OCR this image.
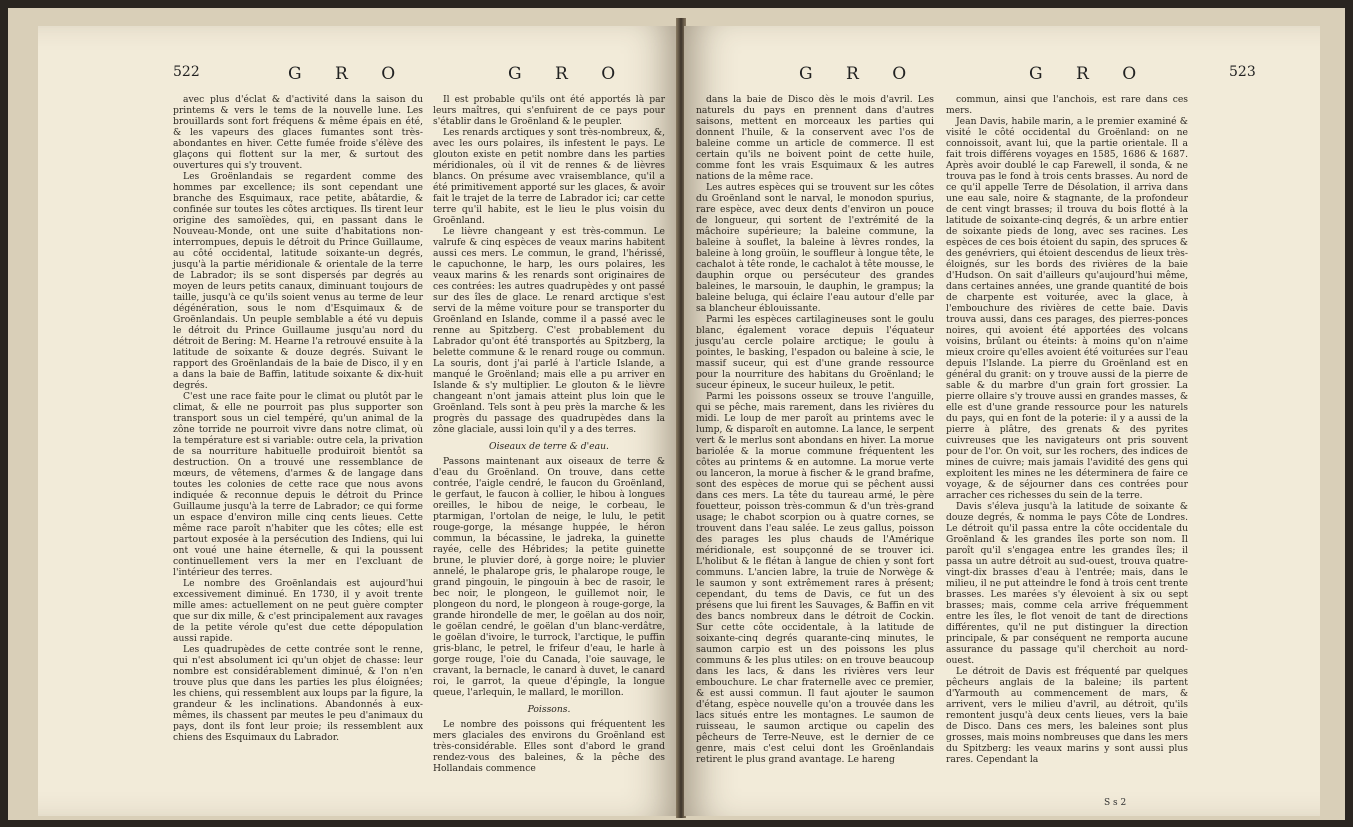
522	G R O	G R O

avec plus d'éclat & d'activité dans la saison du printems & vers le tems de la nouvelle lune. Les brouillards sont fort fréquens & même épais en été, & les vapeurs des glaces fumantes sont très-abondantes en hiver. Cette fumée froide s'élève des glaçons qui flottent sur la mer, & surtout des ouvertures qui s'y trouvent.

Les Groënlandais se regardent comme des hommes par excellence; ils sont cependant une branche des Esquimaux, race petite, abâtardie, & confinée sur toutes les côtes arctiques. Ils tirent leur origine des samoïèdes, qui, en passant dans le Nouveau-Monde, ont une suite d'habitations non-interrompues, depuis le détroit du Prince Guillaume, au côté occidental, latitude soixante-un degrés, jusqu'à la partie méridionale & orientale de la terre de Labrador; ils se sont dispersés par degrés au moyen de leurs petits canaux, diminuant toujours de taille, jusqu'à ce qu'ils soient venus au terme de leur dégénération, sous le nom d'Esquimaux & de Groënlandais. Un peuple semblable a été vu depuis le détroit du Prince Guillaume jusqu'au nord du détroit de Bering: M. Hearne l'a retrouvé ensuite à la latitude de soixante & douze degrés. Suivant le rapport des Groënlandais de la baie de Disco, il y en a dans la baie de Baffin, latitude soixante & dix-huit degrés.

C'est une race faite pour le climat ou plutôt par le climat, & elle ne pourroit pas plus supporter son transport sous un ciel tempéré, qu'un animal de la zône torride ne pourroit vivre dans notre climat, où la température est si variable: outre cela, la privation de sa nourriture habituelle produiroit bientôt sa destruction. On a trouvé une ressemblance de mœurs, de vêtemens, d'armes & de langage dans toutes les colonies de cette race que nous avons indiquée & reconnue depuis le détroit du Prince Guillaume jusqu'à la terre de Labrador; ce qui forme un espace d'environ mille cinq cents lieues. Cette même race paroît n'habiter que les côtes; elle est partout exposée à la persécution des Indiens, qui lui ont voué une haine éternelle, & qui la poussent continuellement vers la mer en l'excluant de l'intérieur des terres.

Le nombre des Groënlandais est aujourd'hui excessivement diminué. En 1730, il y avoit trente mille ames: actuellement on ne peut guère compter que sur dix mille, & c'est principalement aux ravages de la petite vérole qu'est due cette dépopulation aussi rapide.

Les quadrupèdes de cette contrée sont le renne, qui n'est absolument ici qu'un objet de chasse: leur nombre est considérablement diminué, & l'on n'en trouve plus que dans les parties les plus éloignées; les chiens, qui ressemblent aux loups par la figure, la grandeur & les inclinations. Abandonnés à eux-mêmes, ils chassent par meutes le peu d'animaux du pays, dont ils font leur proie; ils ressemblent aux chiens des Esquimaux du Labrador.

Il est probable qu'ils ont été apportés là par leurs maîtres, qui s'enfuirent de ce pays pour s'établir dans le Groënland & le peupler.

Les renards arctiques y sont très-nombreux, &, avec les ours polaires, ils infestent le pays. Le glouton existe en petit nombre dans les parties méridionales, où il vit de rennes & de lièvres blancs. On présume avec vraisemblance, qu'il a été primitivement apporté sur les glaces, & avoir fait le trajet de la terre de Labrador ici; car cette terre qu'il habite, est le lieu le plus voisin du Groënland.

Le lièvre changeant y est très-commun. Le valrufe & cinq espèces de veaux marins habitent aussi ces mers. Le commun, le grand, l'hérissé, le capuchonne, le harp, les ours polaires, les veaux marins & les renards sont originaires de ces contrées: les autres quadrupèdes y ont passé sur des îles de glace. Le renard arctique s'est servi de la même voiture pour se transporter du Groënland en Islande, comme il a passé avec le renne au Spitzberg. C'est probablement du Labrador qu'ont été transportés au Spitzberg, la belette commune & le renard rouge ou commun. La souris, dont j'ai parlé à l'article Islande, a manqué le Groënland; mais elle a pu arriver en Islande & s'y multiplier. Le glouton & le lièvre changeant n'ont jamais atteint plus loin que le Groënland. Tels sont à peu près la marche & les progrès du passage des quadrupèdes dans la zône glaciale, aussi loin qu'il y a des terres.

Oiseaux de terre & d'eau.

Passons maintenant aux oiseaux de terre & d'eau du Groënland. On trouve, dans cette contrée, l'aigle cendré, le faucon du Groënland, le gerfaut, le faucon à collier, le hibou à longues oreilles, le hibou de neige, le corbeau, le ptarmigan, l'ortolan de neige, le lulu, le petit rouge-gorge, la mésange huppée, le héron commun, la bécassine, le jadreka, la guinette rayée, celle des Hébrides; la petite guinette brune, le pluvier doré, à gorge noire; le pluvier annelé, le phalarope gris, le phalarope rouge, le grand pingouin, le pingouin à bec de rasoir, le bec noir, le plongeon, le guillemot noir, le plongeon du nord, le plongeon à rouge-gorge, la grande hirondelle de mer, le goëlan au dos noir, le goëlan cendré, le goëlan d'un blanc-verdâtre, le goëlan d'ivoire, le turrock, l'arctique, le puffin gris-blanc, le petrel, le frifeur d'eau, le harle à gorge rouge, l'oie du Canada, l'oie sauvage, le cravant, la bernacle, le canard à duvet, le canard roi, le garrot, la queue d'épingle, la longue queue, l'arlequin, le mallard, le morillon.

Poissons.

Le nombre des poissons qui fréquentent les mers glaciales des environs du Groënland est très-considérable. Elles sont d'abord le grand rendez-vous des baleines, & la pêche des Hollandais commence

G R O	G R O	523

dans la baie de Disco dès le mois d'avril. Les naturels du pays en prennent dans d'autres saisons, mettent en morceaux les parties qui donnent l'huile, & la conservent avec l'os de baleine comme un article de commerce. Il est certain qu'ils ne boivent point de cette huile, comme font les vrais Esquimaux & les autres nations de la même race.

Les autres espèces qui se trouvent sur les côtes du Groënland sont le narval, le monodon spurius, rare espèce, avec deux dents d'environ un pouce de longueur, qui sortent de l'extrémité de la mâchoire supérieure; la baleine commune, la baleine à souflet, la baleine à lèvres rondes, la baleine à long groüin, le souffleur à longue tête, le cachalot à tête ronde, le cachalot à tête mousse, le dauphin orque ou persécuteur des grandes baleines, le marsouin, le dauphin, le grampus; la baleine beluga, qui éclaire l'eau autour d'elle par sa blancheur éblouissante.

Parmi les espèces cartilagineuses sont le goulu blanc, également vorace depuis l'équateur jusqu'au cercle polaire arctique; le goulu à pointes, le basking, l'espadon ou baleine à scie, le massif suceur, qui est d'une grande ressource pour la nourriture des habitans du Groënland; le suceur épineux, le suceur huileux, le petit.

Parmi les poissons osseux se trouve l'anguille, qui se pêche, mais rarement, dans les rivières du midi. Le loup de mer paroît au printems avec le lump, & disparoît en automne. La lance, le serpent vert & le merlus sont abondans en hiver. La morue bariolée & la morue commune fréquentent les côtes au printems & en automne. La morue verte ou lanceron, la morue à fischer & le grand brafme, sont des espèces de morue qui se pêchent aussi dans ces mers. La tête du taureau armé, le père fouetteur, poisson très-commun & d'un très-grand usage; le chabot scorpion ou à quatre cornes, se trouvent dans l'eau salée. Le zeus gallus, poisson des parages les plus chauds de l'Amérique méridionale, est soupçonné de se trouver ici. L'holibut & le flétan à langue de chien y sont fort communs. L'ancien labre, la truie de Norwège & le saumon y sont extrêmement rares à présent; cependant, du tems de Davis, ce fut un des présens que lui firent les Sauvages, & Baffin en vit des bancs nombreux dans le détroit de Cockin. Sur cette côte occidentale, à la latitude de soixante-cinq degrés quarante-cinq minutes, le saumon carpio est un des poissons les plus communs & les plus utiles: on en trouve beaucoup dans les lacs, & dans les rivières vers leur embouchure. Le char fraternelle avec ce premier, & est aussi commun. Il faut ajouter le saumon d'étang, espèce nouvelle qu'on a trouvée dans les lacs situés entre les montagnes. Le saumon de ruisseau, le saumon arctique ou capelin des pêcheurs de Terre-Neuve, est le dernier de ce genre, mais c'est celui dont les Groënlandais retirent le plus grand avantage. Le hareng

commun, ainsi que l'anchois, est rare dans ces mers.

Jean Davis, habile marin, a le premier examiné & visité le côté occidental du Groënland: on ne connoissoit, avant lui, que la partie orientale. Il a fait trois différens voyages en 1585, 1686 & 1687. Après avoir doublé le cap Farewell, il sonda, & ne trouva pas le fond à trois cents brasses. Au nord de ce qu'il appelle Terre de Désolation, il arriva dans une eau sale, noire & stagnante, de la profondeur de cent vingt brasses; il trouva du bois flotté à la latitude de soixante-cinq degrés, & un arbre entier de soixante pieds de long, avec ses racines. Les espèces de ces bois étoient du sapin, des spruces & des genévriers, qui étoient descendus de lieux très-éloignés, sur les bords des rivières de la baie d'Hudson. On sait d'ailleurs qu'aujourd'hui même, dans certaines années, une grande quantité de bois de charpente est voiturée, avec la glace, à l'embouchure des rivières de cette baie. Davis trouva aussi, dans ces parages, des pierres-ponces noires, qui avoient été apportées des volcans voisins, brûlant ou éteints: à moins qu'on n'aime mieux croire qu'elles avoient été voiturées sur l'eau depuis l'Islande. La pierre du Groënland est en général du granit: on y trouve aussi de la pierre de sable & du marbre d'un grain fort grossier. La pierre ollaire s'y trouve aussi en grandes masses, & elle est d'une grande ressource pour les naturels du pays, qui en font de la poterie: il y a aussi de la pierre à plâtre, des grenats & des pyrites cuivreuses que les navigateurs ont pris souvent pour de l'or. On voit, sur les rochers, des indices de mines de cuivre; mais jamais l'avidité des gens qui exploitent les mines ne les déterminera de faire ce voyage, & de séjourner dans ces contrées pour arracher ces richesses du sein de la terre.

Davis s'éleva jusqu'à la latitude de soixante & douze degrés, & nomma le pays Côte de Londres. Le détroit qu'il passa entre la côte occidentale du Groënland & les grandes îles porte son nom. Il paroît qu'il s'engagea entre les grandes îles; il passa un autre détroit au sud-ouest, trouva quatre-vingt-dix brasses d'eau à l'entrée; mais, dans le milieu, il ne put atteindre le fond à trois cent trente brasses. Les marées s'y élevoient à six ou sept brasses; mais, comme cela arrive fréquemment entre les îles, le flot venoit de tant de directions différentes, qu'il ne put distinguer la direction principale, & par conséquent ne remporta aucune assurance du passage qu'il cherchoit au nord-ouest.

Le détroit de Davis est fréquenté par quelques pêcheurs anglais de la baleine; ils partent d'Yarmouth au commencement de mars, & arrivent, vers le milieu d'avril, au détroit, qu'ils remontent jusqu'à deux cents lieues, vers la baie de Disco. Dans ces mers, les baleines sont plus grosses, mais moins nombreuses que dans les mers du Spitzberg: les veaux marins y sont aussi plus rares. Cependant la

S s 2
